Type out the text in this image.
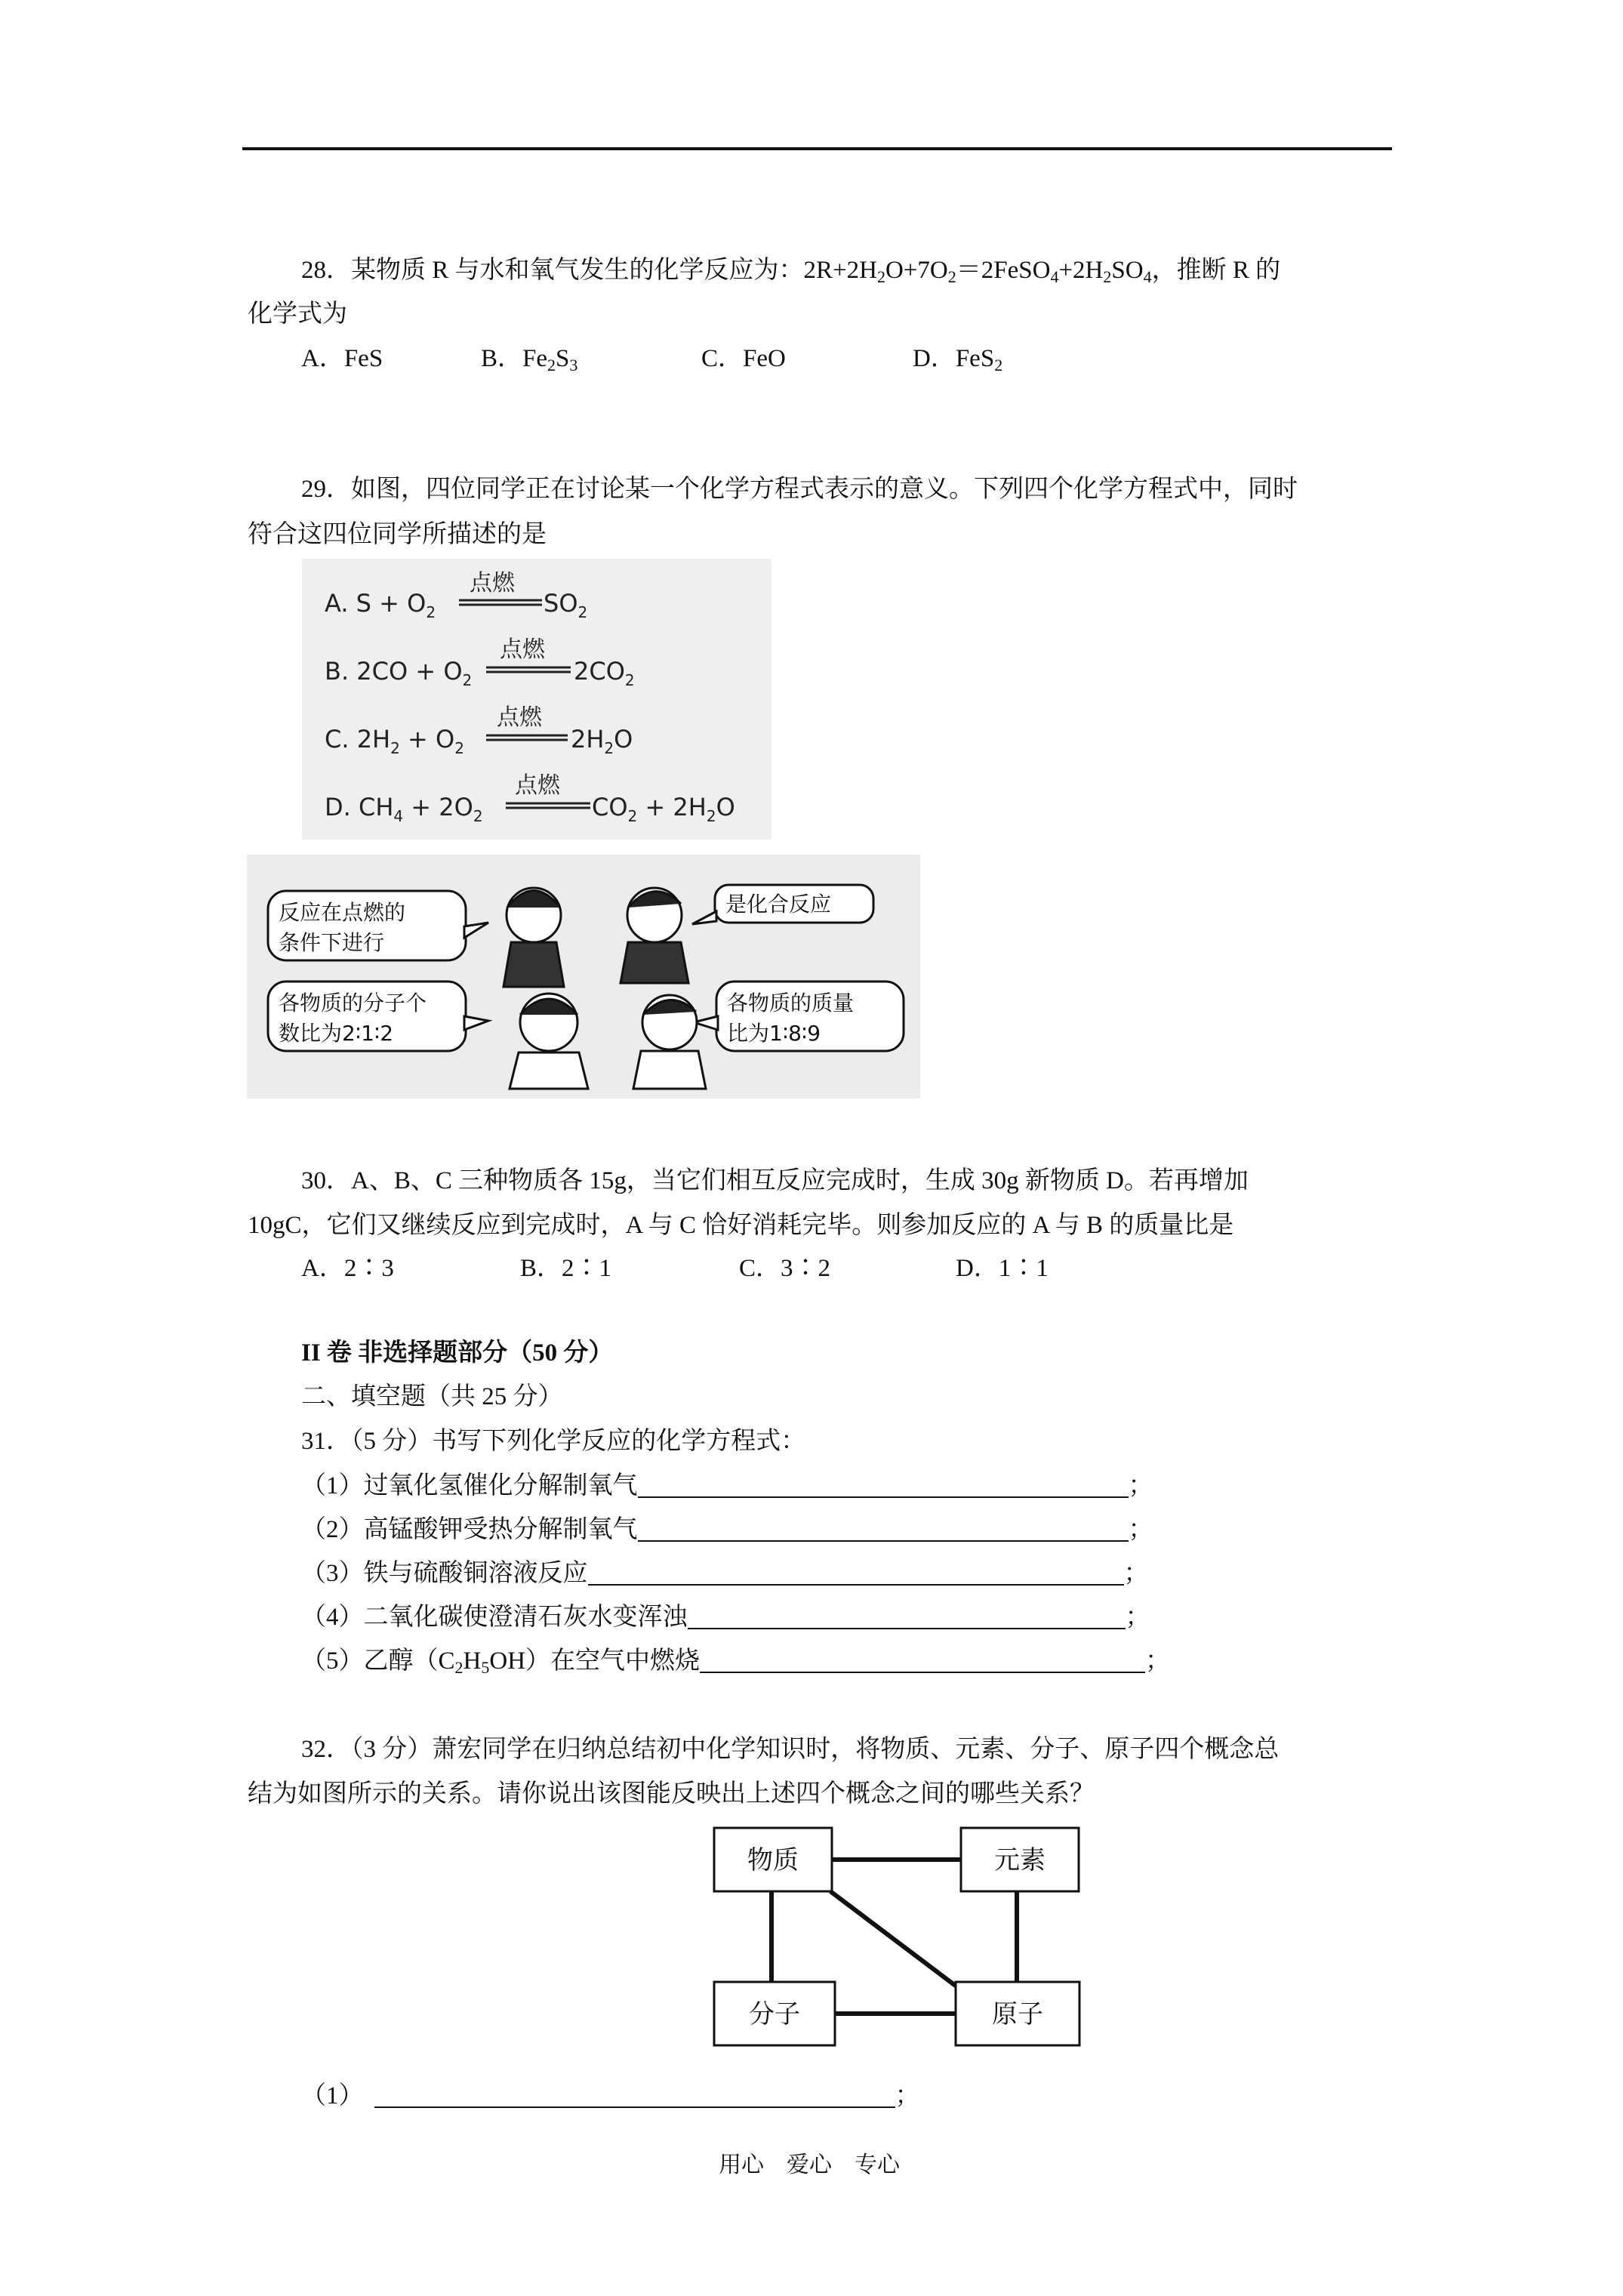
28．某物质 R 与水和氧气发生的化学反应为：$2R+2H_2O+7O_2=2FeSO_4+2H_2SO_4$，推断 R 的
化学式为
A．FeS	B．$Fe_2S_3$	C．FeO	D．FeS$_2$
29．如图，四位同学正在讨论某一个化学方程式表示的意义。下列四个化学方程式中，同时
符合这四位同学所描述的是
A. $S + O_2$
点燃
$SO_2$
B. $2CO + O_2$
点燃
$2CO_2$
C. $2H_2 + O_2$
点燃
$2H_2O$
D. $CH_4 + 2O_2$
点燃
$CO_2 + 2H_2O$
反应在点燃的
条件下进行
是化合反应
各物质的分子个
数比为2∶1∶2
各物质的质量
比为1∶8∶9
30．A、B、C 三种物质各 15g，当它们相互反应完成时，生成 30g 新物质 D。若再增加
10gC，它们又继续反应到完成时，A 与 C 恰好消耗完毕。则参加反应的 A 与 B 的质量比是
A．2∶3	B．2∶1	C．3∶2	D．1∶1
II 卷 非选择题部分（50 分）
二、填空题（共 25 分）
31．（5 分）书写下列化学反应的化学方程式：
（1）过氧化氢催化分解制氧气	；
（2）高锰酸钾受热分解制氧气	；
（3）铁与硫酸铜溶液反应	；
（4）二氧化碳使澄清石灰水变浑浊	；
（5）乙醇$(C_2H_5OH)$在空气中燃烧	；
32．（3 分）萧宏同学在归纳总结初中化学知识时，将物质、元素、分子、原子四个概念总
结为如图所示的关系。请你说出该图能反映出上述四个概念之间的哪些关系？
物质	元素
分子	原子
（1）	；
用心　爱心　专心
